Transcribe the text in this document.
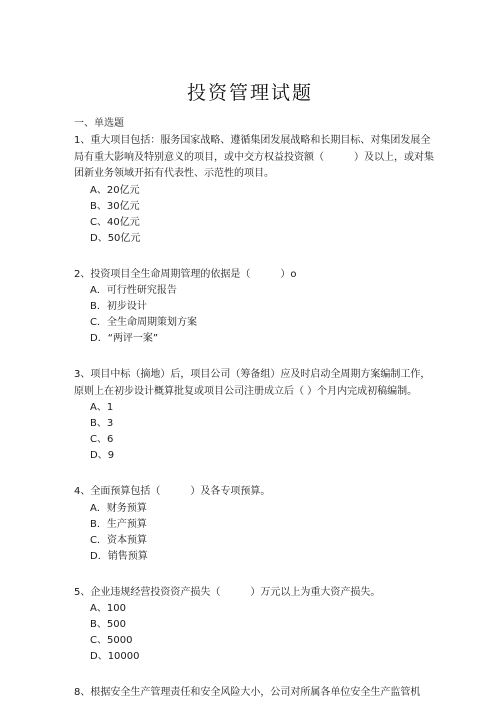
投资管理试题
一、单选题
1、重大项目包括：服务国家战略、遵循集团发展战略和长期目标、对集团发展全局有重大影响及特别意义的项目，或中交方权益投资额（　　　）及以上，或对集团新业务领域开拓有代表性、示范性的项目。
A、20亿元
B、30亿元
C、40亿元
D、50亿元
2、投资项目全生命周期管理的依据是（　　　）o
A．可行性研究报告
B．初步设计
C．全生命周期策划方案
D．“两评一案”
3、项目中标（摘地）后，项目公司（筹备组）应及时启动全周期方案编制工作，原则上在初步设计概算批复或项目公司注册成立后（ ）个月内完成初稿编制。
A、1
B、3
C、6
D、9
4、全面预算包括（　　　）及各专项预算。
A．财务预算
B．生产预算
C．资本预算
D．销售预算
5、企业违规经营投资资产损失（　　　）万元以上为重大资产损失。
A、100
B、500
C、5000
D、10000
8、根据安全生产管理责任和安全风险大小，公司对所属各单位安全生产监管机
